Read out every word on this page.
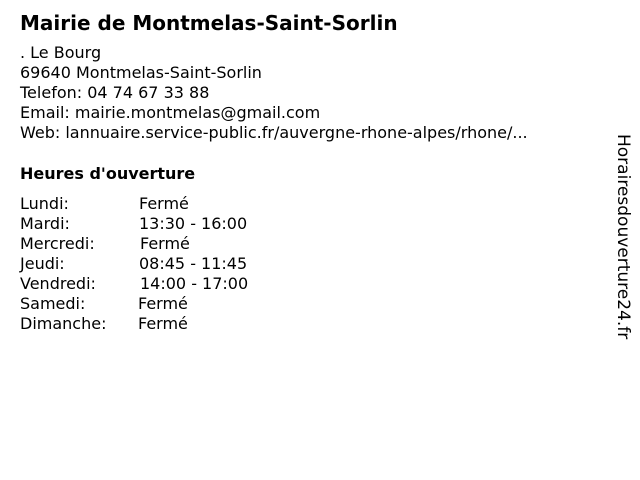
Mairie de Montmelas-Saint-Sorlin
. Le Bourg
69640 Montmelas-Saint-Sorlin
Telefon: 04 74 67 33 88
Email: mairie.montmelas@gmail.com
Web: lannuaire.service-public.fr/auvergne-rhone-alpes/rhone/...
Heures d'ouverture
Lundi:	Fermé
Mardi:	13:30 - 16:00
Mercredi:	Fermé
Jeudi:	08:45 - 11:45
Vendredi:	14:00 - 17:00
Samedi:	Fermé
Dimanche: Fermé	Horairesdouverture24.fr
